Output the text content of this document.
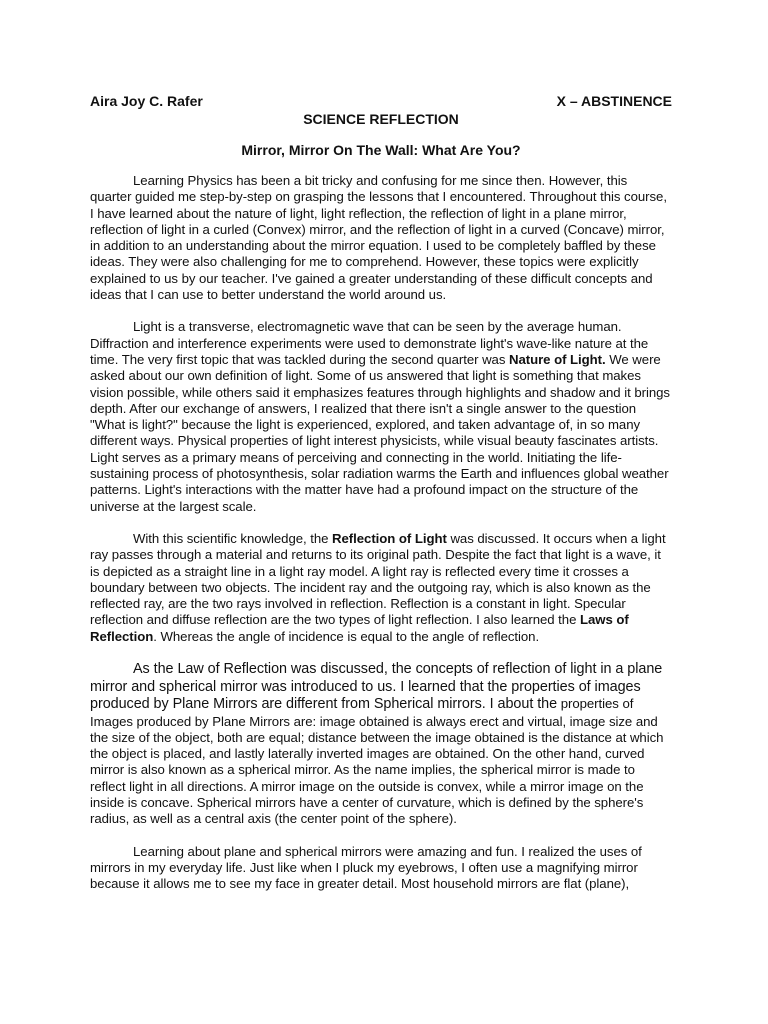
Aira Joy C. Rafer	X – ABSTINENCE
SCIENCE REFLECTION
Mirror, Mirror On The Wall: What Are You?

Learning Physics has been a bit tricky and confusing for me since then. However, this quarter guided me step-by-step on grasping the lessons that I encountered. Throughout this course, I have learned about the nature of light, light reflection, the reflection of light in a plane mirror, reflection of light in a curled (Convex) mirror, and the reflection of light in a curved (Concave) mirror, in addition to an understanding about the mirror equation. I used to be completely baffled by these ideas. They were also challenging for me to comprehend. However, these topics were explicitly explained to us by our teacher. I've gained a greater understanding of these difficult concepts and ideas that I can use to better understand the world around us.

Light is a transverse, electromagnetic wave that can be seen by the average human. Diffraction and interference experiments were used to demonstrate light's wave-like nature at the time. The very first topic that was tackled during the second quarter was Nature of Light. We were asked about our own definition of light. Some of us answered that light is something that makes vision possible, while others said it emphasizes features through highlights and shadow and it brings depth. After our exchange of answers, I realized that there isn't a single answer to the question "What is light?" because the light is experienced, explored, and taken advantage of, in so many different ways. Physical properties of light interest physicists, while visual beauty fascinates artists. Light serves as a primary means of perceiving and connecting in the world. Initiating the life-sustaining process of photosynthesis, solar radiation warms the Earth and influences global weather patterns. Light's interactions with the matter have had a profound impact on the structure of the universe at the largest scale.

With this scientific knowledge, the Reflection of Light was discussed. It occurs when a light ray passes through a material and returns to its original path. Despite the fact that light is a wave, it is depicted as a straight line in a light ray model. A light ray is reflected every time it crosses a boundary between two objects. The incident ray and the outgoing ray, which is also known as the reflected ray, are the two rays involved in reflection. Reflection is a constant in light. Specular reflection and diffuse reflection are the two types of light reflection. I also learned the Laws of Reflection. Whereas the angle of incidence is equal to the angle of reflection.

As the Law of Reflection was discussed, the concepts of reflection of light in a plane mirror and spherical mirror was introduced to us. I learned that the properties of images produced by Plane Mirrors are different from Spherical mirrors. I about the properties of Images produced by Plane Mirrors are: image obtained is always erect and virtual, image size and the size of the object, both are equal; distance between the image obtained is the distance at which the object is placed, and lastly laterally inverted images are obtained. On the other hand, curved mirror is also known as a spherical mirror. As the name implies, the spherical mirror is made to reflect light in all directions. A mirror image on the outside is convex, while a mirror image on the inside is concave. Spherical mirrors have a center of curvature, which is defined by the sphere's radius, as well as a central axis (the center point of the sphere).

Learning about plane and spherical mirrors were amazing and fun. I realized the uses of mirrors in my everyday life. Just like when I pluck my eyebrows, I often use a magnifying mirror because it allows me to see my face in greater detail. Most household mirrors are flat (plane),
